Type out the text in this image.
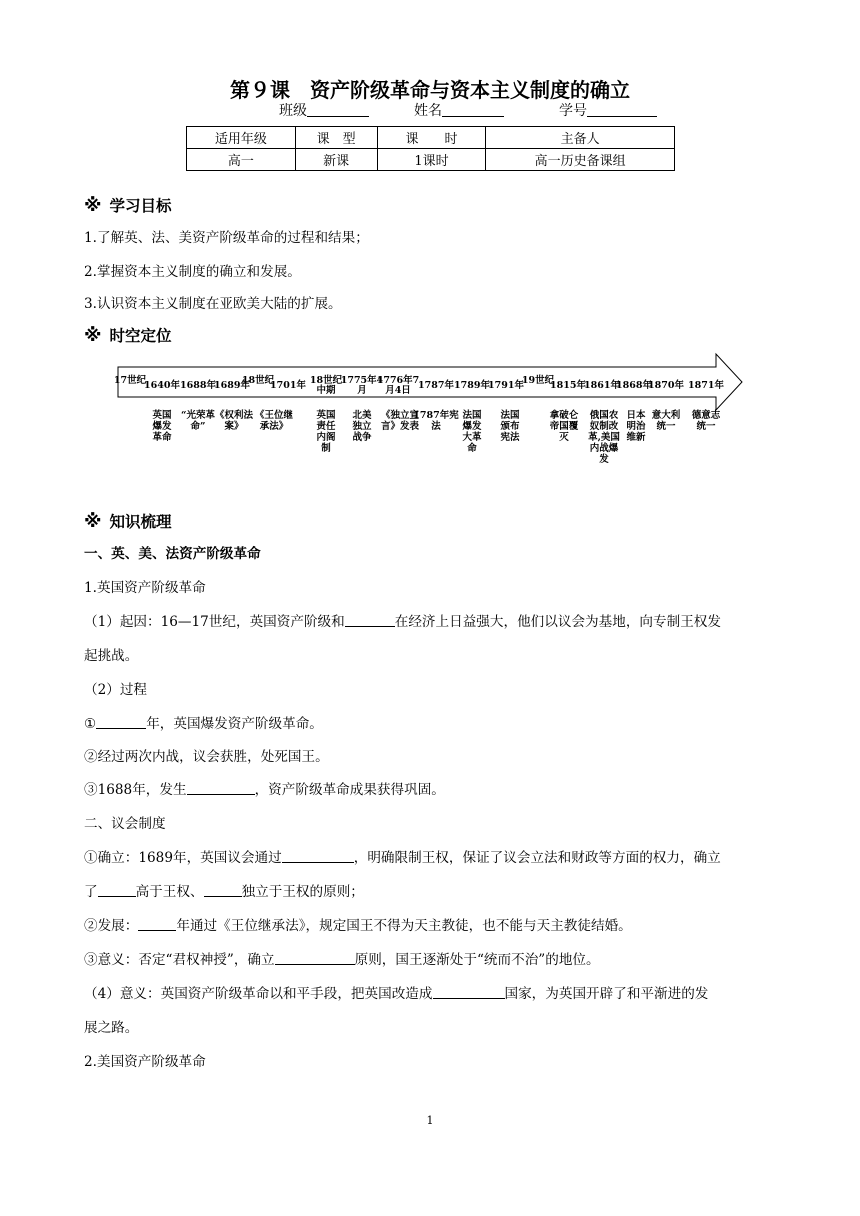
第９课　资产阶级革命与资本主义制度的确立
班级	姓名	学号
适用年级	课　型	课　　时	主备人
高一	新课	1课时	高一历史备课组
※ 学习目标
1.了解英、法、美资产阶级革命的过程和结果；
2.掌握资本主义制度的确立和发展。
3.认识资本主义制度在亚欧美大陆的扩展。
※ 时空定位
17世纪
1640年 1688年
1689年
18世纪
1701年 18世纪中期
1775年4月
1776年7月4日 1787年 1789年
1791年
19世纪
1815年
1861年
1868年
1870年 1871年
英国爆发革命
“光荣革命”
《权利法案》
《王位继承法》
英国责任内阁制
北美独立战争
《独立宣言》发表
1787年宪法
法国爆发大革命
法国颁布宪法
拿破仑帝国覆灭
俄国农奴制改革,美国内战爆发
日本明治维新
意大利统一
德意志统一
※ 知识梳理
一、英、美、法资产阶级革命
1.英国资产阶级革命
（1）起因：16—17世纪，英国资产阶级和	在经济上日益强大，他们以议会为基地，向专制王权发
起挑战。
（2）过程
①	年，英国爆发资产阶级革命。
②经过两次内战，议会获胜，处死国王。
③1688年，发生	，资产阶级革命成果获得巩固。
二、议会制度
①确立：1689年，英国议会通过	，明确限制王权，保证了议会立法和财政等方面的权力，确立
了	高于王权、	独立于王权的原则；
②发展：	年通过《王位继承法》，规定国王不得为天主教徒，也不能与天主教徒结婚。
③意义：否定“君权神授”，确立	原则，国王逐渐处于“统而不治”的地位。
（4）意义：英国资产阶级革命以和平手段，把英国改造成	国家，为英国开辟了和平渐进的发
展之路。
2.美国资产阶级革命
1
